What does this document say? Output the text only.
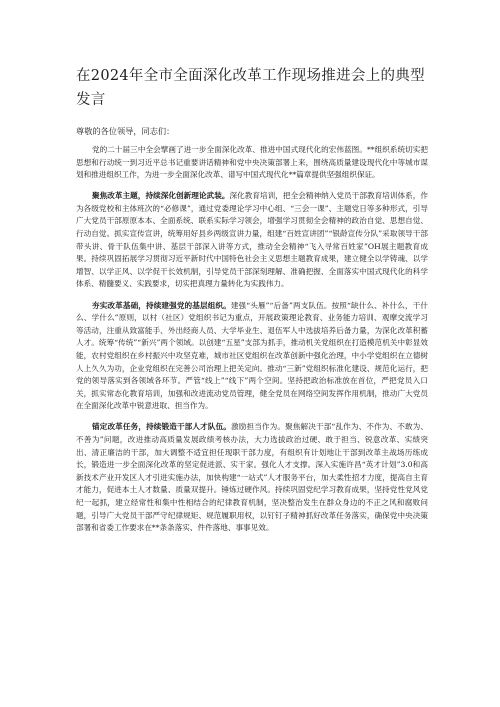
在2024年全市全面深化改革工作现场推进会上的典型发言

尊敬的各位领导，同志们：

党的二十届三中全会擘画了进一步全面深化改革、推进中国式现代化的宏伟蓝图。**组织系统切实把思想和行动统一到习近平总书记重要讲话精神和党中央决策部署上来，围绕高质量建设现代化中等城市谋划和推进组织工作，为进一步全面深化改革、谱写中国式现代化**篇章提供坚强组织保证。

聚焦改革主题，持续深化创新理论武装。深化教育培训，把全会精神纳入党员干部教育培训体系，作为各级党校和主体班次的“必修课”，通过党委理论学习中心组、“三会一课”、主题党日等多种形式，引导广大党员干部原原本本、全面系统、联系实际学习领会，增强学习贯彻全会精神的政治自觉、思想自觉、行动自觉。抓实宣传宣讲，统筹用好县乡两级宣讲力量，组建“百姓宣讲团”“银龄宣传分队”采取领导干部带头讲、骨干队伍集中讲、基层干部深入讲等方式，推动全会精神“飞入寻常百姓家”OH展主题教育成果。持续巩固拓展学习贯彻习近平新时代中国特色社会主义思想主题教育成果，建立健全以学铸魂、以学增智、以学正风、以学促干长效机制，引导党员干部深刻理解、准确把握、全面落实中国式现代化的科学体系、精髓要义、实践要求，切实把真理力量转化为实践伟力。

夯实改革基础，持续建强党的基层组织。建强“头雁”“后备”两支队伍。按照“缺什么、补什么，干什么、学什么”原则，以村（社区）党组织书记为重点，开展政策理论教育、业务能力培训、观摩交流学习等活动，注重从致富能手、外出经商人员、大学毕业生、退伍军人中选拔培养后备力量，为深化改革积蓄人才。统筹“传统”“新兴”两个领域。以创建“五星”支部为抓手，推动机关党组织在打造模范机关中彰显效能，农村党组织在乡村振兴中攻坚克难，城市社区党组织在改革创新中强化治理，中小学党组织在立德树人上久久为功，企业党组织在完善公司治理上把关定向。推动“三新”党组织标准化建设、规范化运行，把党的领导落实到各领域各环节。严管“线上”“线下”两个空间。坚持把政治标准放在首位，严把党员入口关，抓实常态化教育培训，加强和改进流动党员管理，健全党员在网络空间发挥作用机制，推动广大党员在全面深化改革中锐意进取、担当作为。

锚定改革任务，持续锻造干部人才队伍。激励担当作为。聚焦解决干部“乱作为、不作为、不敢为、不善为”问题，改进推动高质量发展政绩考核办法，大力选拔政治过硬、敢于担当、锐意改革、实绩突出、清正廉洁的干部，加大调整不适宜担任现职干部力度，有组织有计划地让干部到改革主战场历练成长，锻造进一步全面深化改革的坚定促进派、实干家。强化人才支撑。深入实施许昌“英才计划”3.0和高新技术产业开发区人才引进实施办法，加快构建“一站式”人才服务平台，加大柔性招才力度，提高自主育才能力，促进本土人才数量、质量双提升。锤炼过硬作风。持续巩固党纪学习教育成果，坚持党性党风党纪一起抓，建立经常性和集中性相结合的纪律教育机制，坚决整治发生在群众身边的不正之风和腐败问题，引导广大党员干部严守纪律规矩、规范履职用权，以钉钉子精神抓好改革任务落实，确保党中央决策部署和省委工作要求在**条条落实、件件落地、事事见效。
